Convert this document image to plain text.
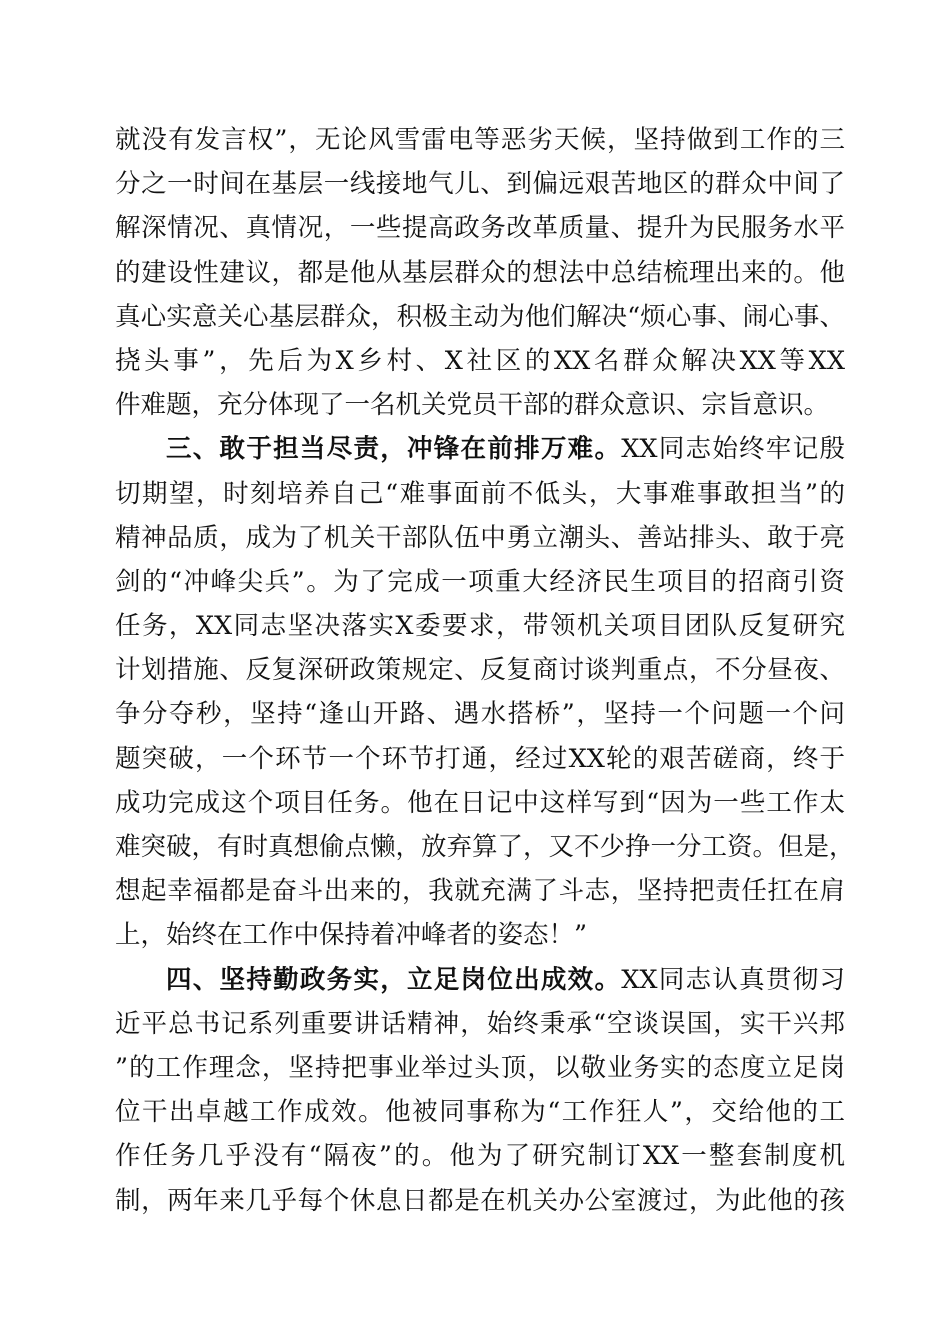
就没有发言权”，无论风雪雷电等恶劣天候，坚持做到工作的三
分之一时间在基层一线接地气儿、到偏远艰苦地区的群众中间了
解深情况、真情况，一些提高政务改革质量、提升为民服务水平
的建设性建议，都是他从基层群众的想法中总结梳理出来的。他
真心实意关心基层群众，积极主动为他们解决“烦心事、闹心事、
挠头事”，先后为X乡村、X社区的XX名群众解决XX等XX
件难题，充分体现了一名机关党员干部的群众意识、宗旨意识。
三、敢于担当尽责，冲锋在前排万难。XX同志始终牢记殷
切期望，时刻培养自己“难事面前不低头，大事难事敢担当”的
精神品质，成为了机关干部队伍中勇立潮头、善站排头、敢于亮
剑的“冲峰尖兵”。为了完成一项重大经济民生项目的招商引资
任务，XX同志坚决落实X委要求，带领机关项目团队反复研究
计划措施、反复深研政策规定、反复商讨谈判重点，不分昼夜、
争分夺秒，坚持“逢山开路、遇水搭桥”，坚持一个问题一个问
题突破，一个环节一个环节打通，经过XX轮的艰苦磋商，终于
成功完成这个项目任务。他在日记中这样写到“因为一些工作太
难突破，有时真想偷点懒，放弃算了，又不少挣一分工资。但是，
想起幸福都是奋斗出来的，我就充满了斗志，坚持把责任扛在肩
上，始终在工作中保持着冲峰者的姿态！”
四、坚持勤政务实，立足岗位出成效。XX同志认真贯彻习
近平总书记系列重要讲话精神，始终秉承“空谈误国，实干兴邦
”的工作理念，坚持把事业举过头顶，以敬业务实的态度立足岗
位干出卓越工作成效。他被同事称为“工作狂人”，交给他的工
作任务几乎没有“隔夜”的。他为了研究制订XX一整套制度机
制，两年来几乎每个休息日都是在机关办公室渡过，为此他的孩
